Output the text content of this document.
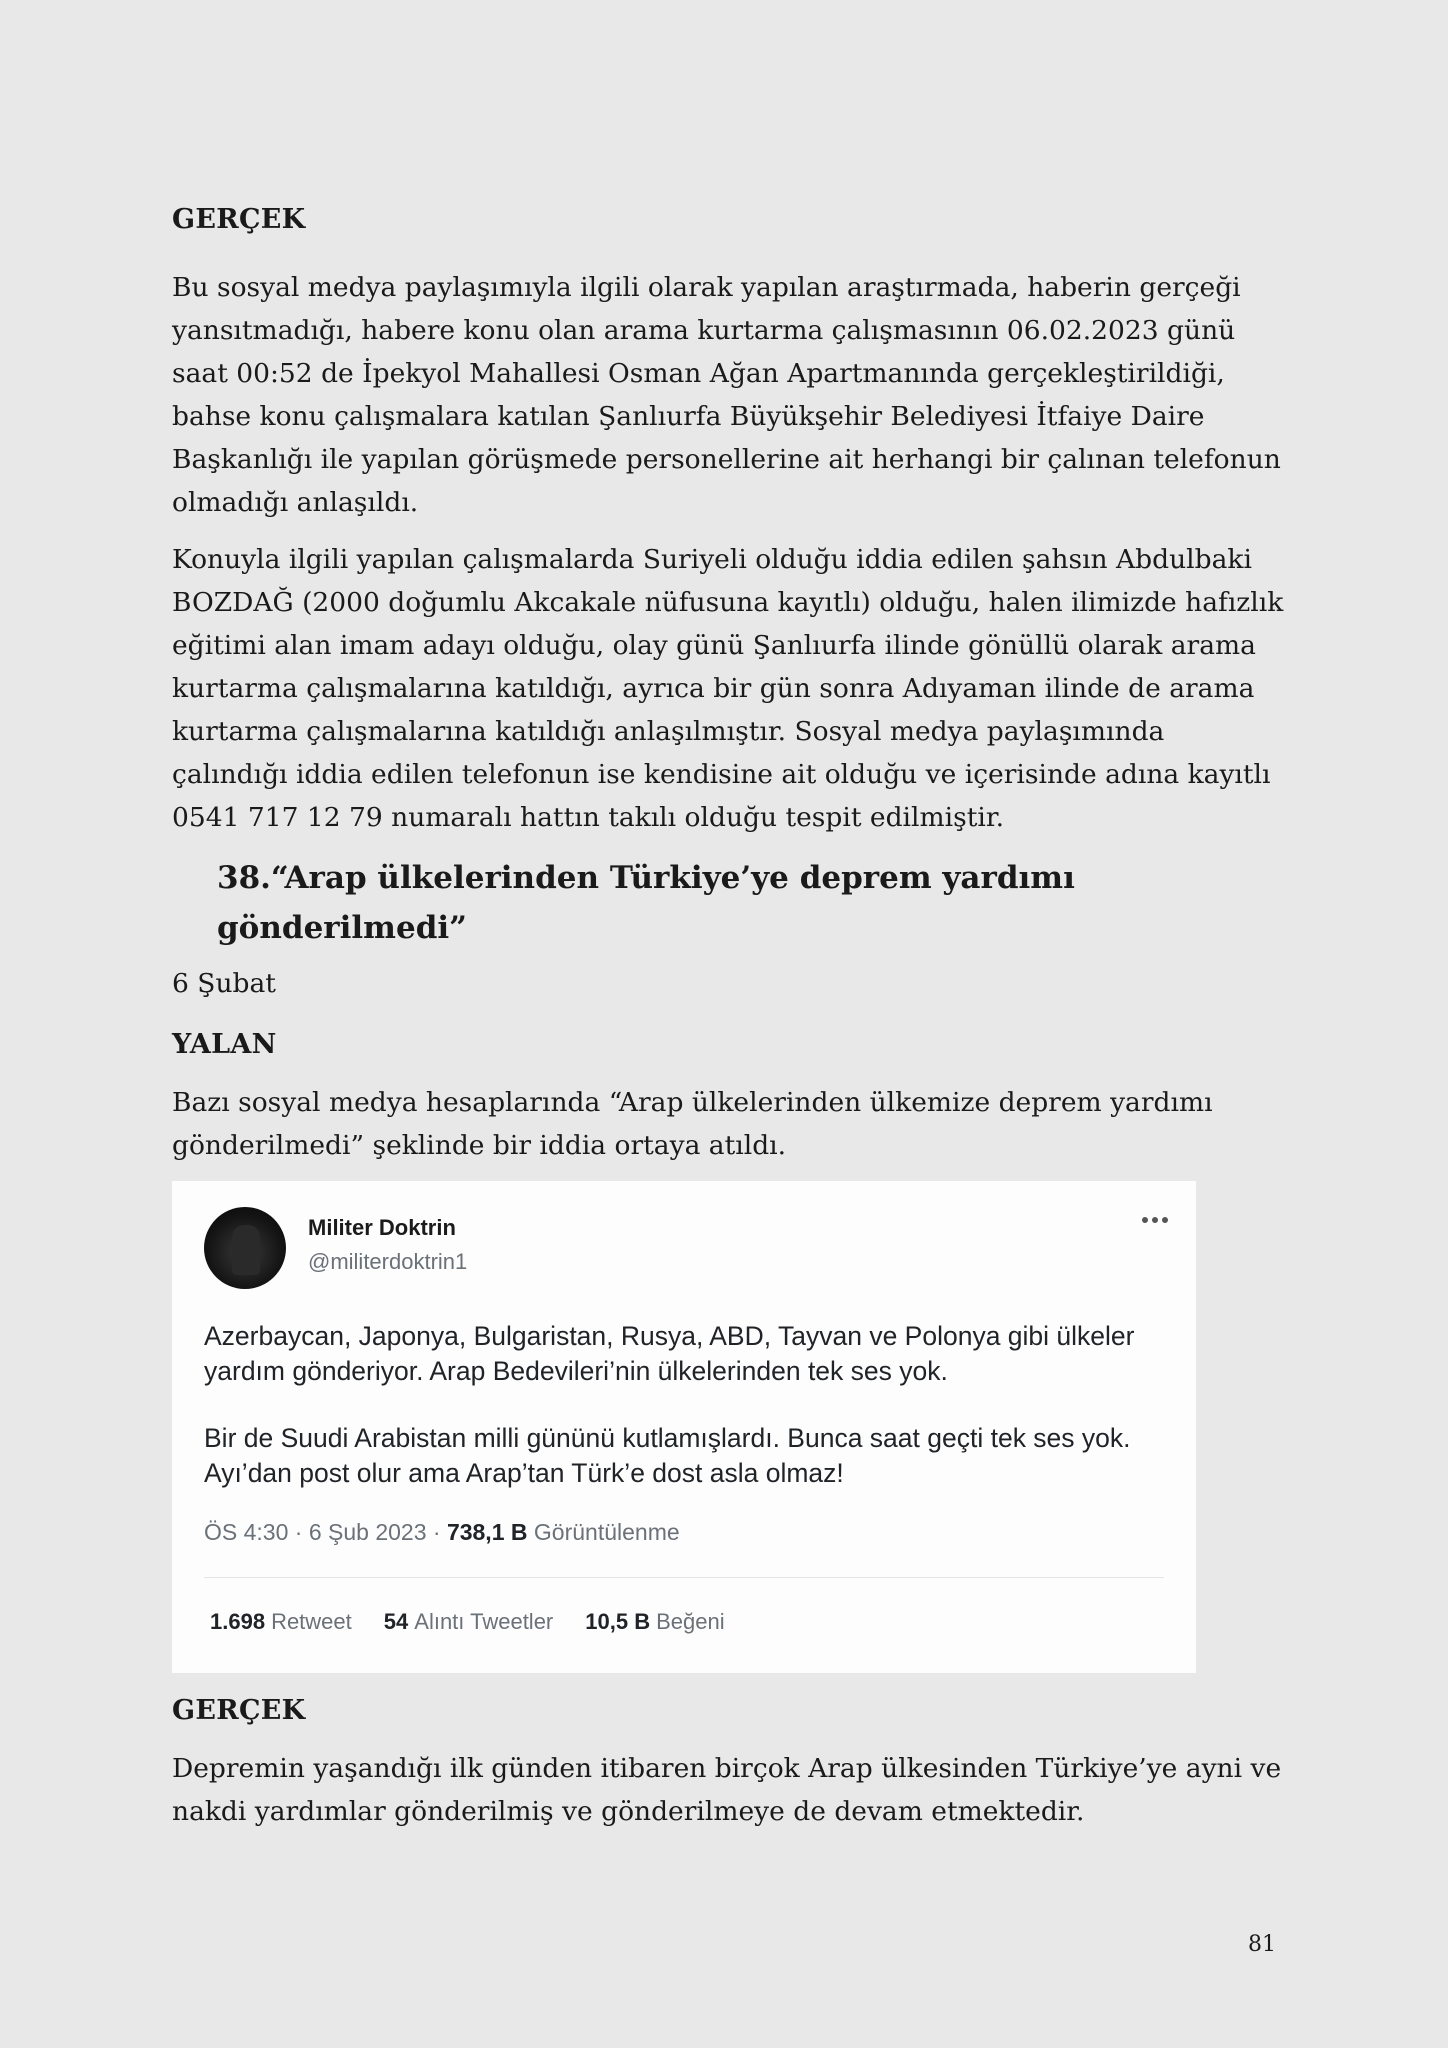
GERÇEK

Bu sosyal medya paylaşımıyla ilgili olarak yapılan araştırmada, haberin gerçeği yansıtmadığı, habere konu olan arama kurtarma çalışmasının 06.02.2023 günü saat 00:52 de İpekyol Mahallesi Osman Ağan Apartmanında gerçekleştirildiği, bahse konu çalışmalara katılan Şanlıurfa Büyükşehir Belediyesi İtfaiye Daire Başkanlığı ile yapılan görüşmede personellerine ait herhangi bir çalınan telefonun olmadığı anlaşıldı.

Konuyla ilgili yapılan çalışmalarda Suriyeli olduğu iddia edilen şahsın Abdulbaki BOZDAĞ (2000 doğumlu Akcakale nüfusuna kayıtlı) olduğu, halen ilimizde hafızlık eğitimi alan imam adayı olduğu, olay günü Şanlıurfa ilinde gönüllü olarak arama kurtarma çalışmalarına katıldığı, ayrıca bir gün sonra Adıyaman ilinde de arama kurtarma çalışmalarına katıldığı anlaşılmıştır. Sosyal medya paylaşımında çalındığı iddia edilen telefonun ise kendisine ait olduğu ve içerisinde adına kayıtlı 0541 717 12 79 numaralı hattın takılı olduğu tespit edilmiştir.

38.“Arap ülkelerinden Türkiye’ye deprem yardımı gönderilmedi”
6 Şubat
YALAN

Bazı sosyal medya hesaplarında “Arap ülkelerinden ülkemize deprem yardımı gönderilmedi” şeklinde bir iddia ortaya atıldı.

Militer Doktrin
@militerdoktrin1

Azerbaycan, Japonya, Bulgaristan, Rusya, ABD, Tayvan ve Polonya gibi ülkeler yardım gönderiyor. Arap Bedevileri’nin ülkelerinden tek ses yok.

Bir de Suudi Arabistan milli gününü kutlamışlardı. Bunca saat geçti tek ses yok. Ayı’dan post olur ama Arap’tan Türk’e dost asla olmaz!

ÖS 4:30 · 6 Şub 2023 · 738,1 B Görüntülenme
1.698 Retweet 54 Alıntı Tweetler 10,5 B Beğeni
GERÇEK

Depremin yaşandığı ilk günden itibaren birçok Arap ülkesinden Türkiye’ye ayni ve nakdi yardımlar gönderilmiş ve gönderilmeye de devam etmektedir.

81
